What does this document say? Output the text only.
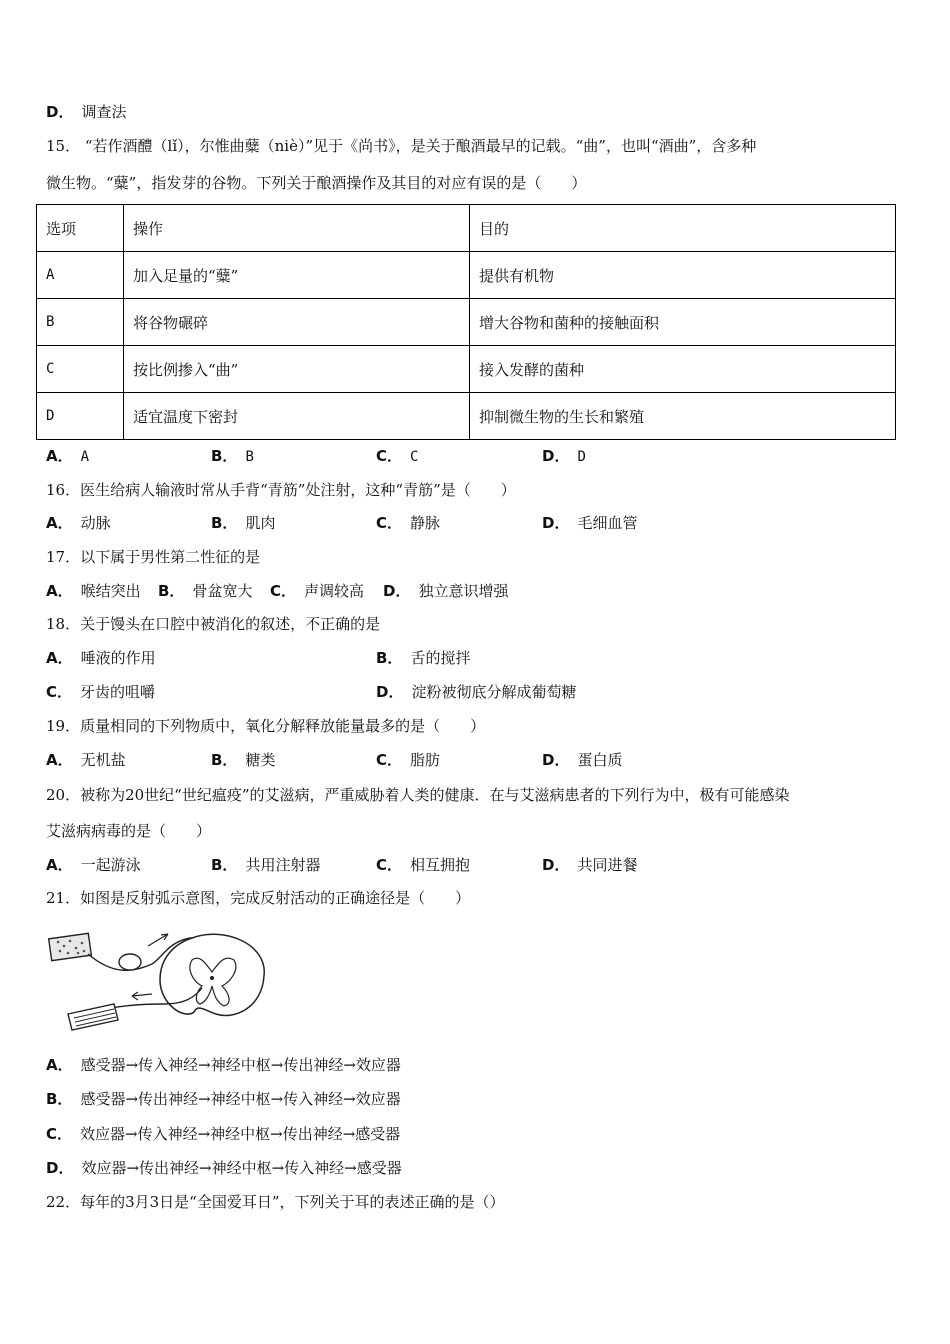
D． 调查法
15． “若作酒醴（lǐ），尔惟曲糵（niè）”见于《尚书》，是关于酿酒最早的记载。“曲”，也叫“酒曲”，含多种
微生物。“糵”，指发芽的谷物。下列关于酿酒操作及其目的对应有误的是（　　）
选项	操作	目的
A	加入足量的“糵”	提供有机物
B	将谷物碾碎	增大谷物和菌种的接触面积
C	按比例掺入“曲”	接入发酵的菌种
D	适宜温度下密封	抑制微生物的生长和繁殖
A． A	B． B	C． C	D． D
16．医生给病人输液时常从手背“青筋”处注射，这种“青筋”是（　　）
A． 动脉	B． 肌肉	C． 静脉	D． 毛细血管
17．以下属于男性第二性征的是
A． 喉结突出 B． 骨盆宽大 C． 声调较高 D． 独立意识增强
18．关于馒头在口腔中被消化的叙述，不正确的是
A． 唾液的作用	B． 舌的搅拌
C． 牙齿的咀嚼	D． 淀粉被彻底分解成葡萄糖
19．质量相同的下列物质中，氧化分解释放能量最多的是（　　）
A． 无机盐	B． 糖类	C． 脂肪	D． 蛋白质
20．被称为20世纪“世纪瘟疫”的艾滋病，严重威胁着人类的健康．在与艾滋病患者的下列行为中，极有可能感染
艾滋病病毒的是（　　）
A． 一起游泳	B． 共用注射器	C． 相互拥抱	D． 共同进餐
21．如图是反射弧示意图，完成反射活动的正确途径是（　　）
A． 感受器→传入神经→神经中枢→传出神经→效应器
B． 感受器→传出神经→神经中枢→传入神经→效应器
C． 效应器→传入神经→神经中枢→传出神经→感受器
D． 效应器→传出神经→神经中枢→传入神经→感受器
22．每年的3月3日是“全国爱耳日”，下列关于耳的表述正确的是（）
